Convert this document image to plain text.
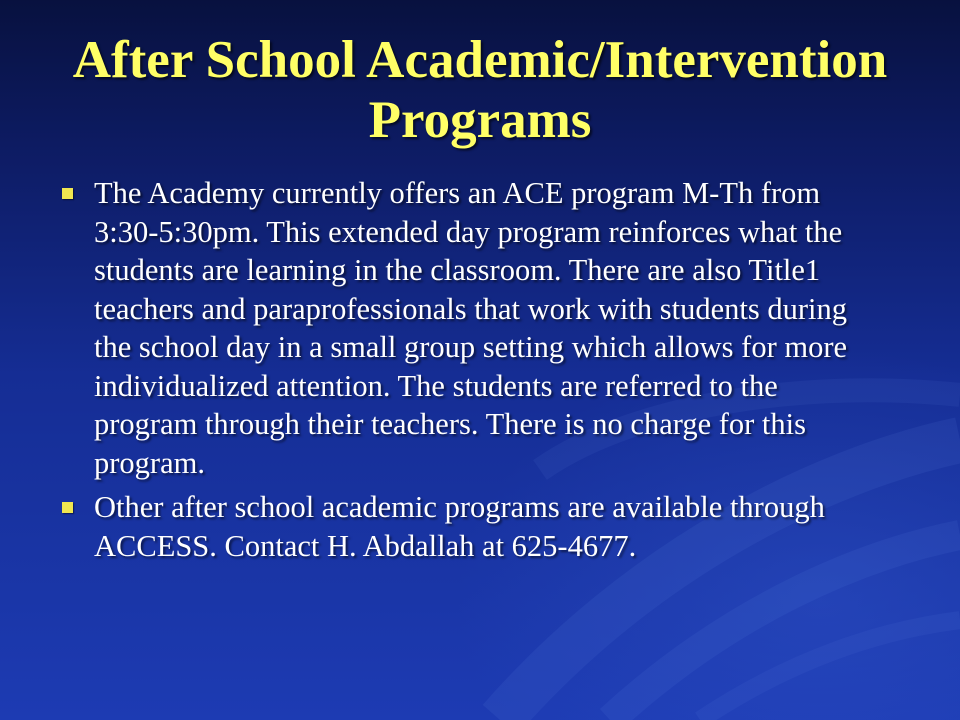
After School Academic/Intervention Programs
The Academy currently offers an ACE program M-Th from 3:30-5:30pm. This extended day program reinforces what the students are learning in the classroom. There are also Title1 teachers and paraprofessionals that work with students during the school day in a small group setting which allows for more individualized attention. The students are referred to the program through their teachers. There is no charge for this program.
Other after school academic programs are available through ACCESS. Contact H. Abdallah at 625-4677.
